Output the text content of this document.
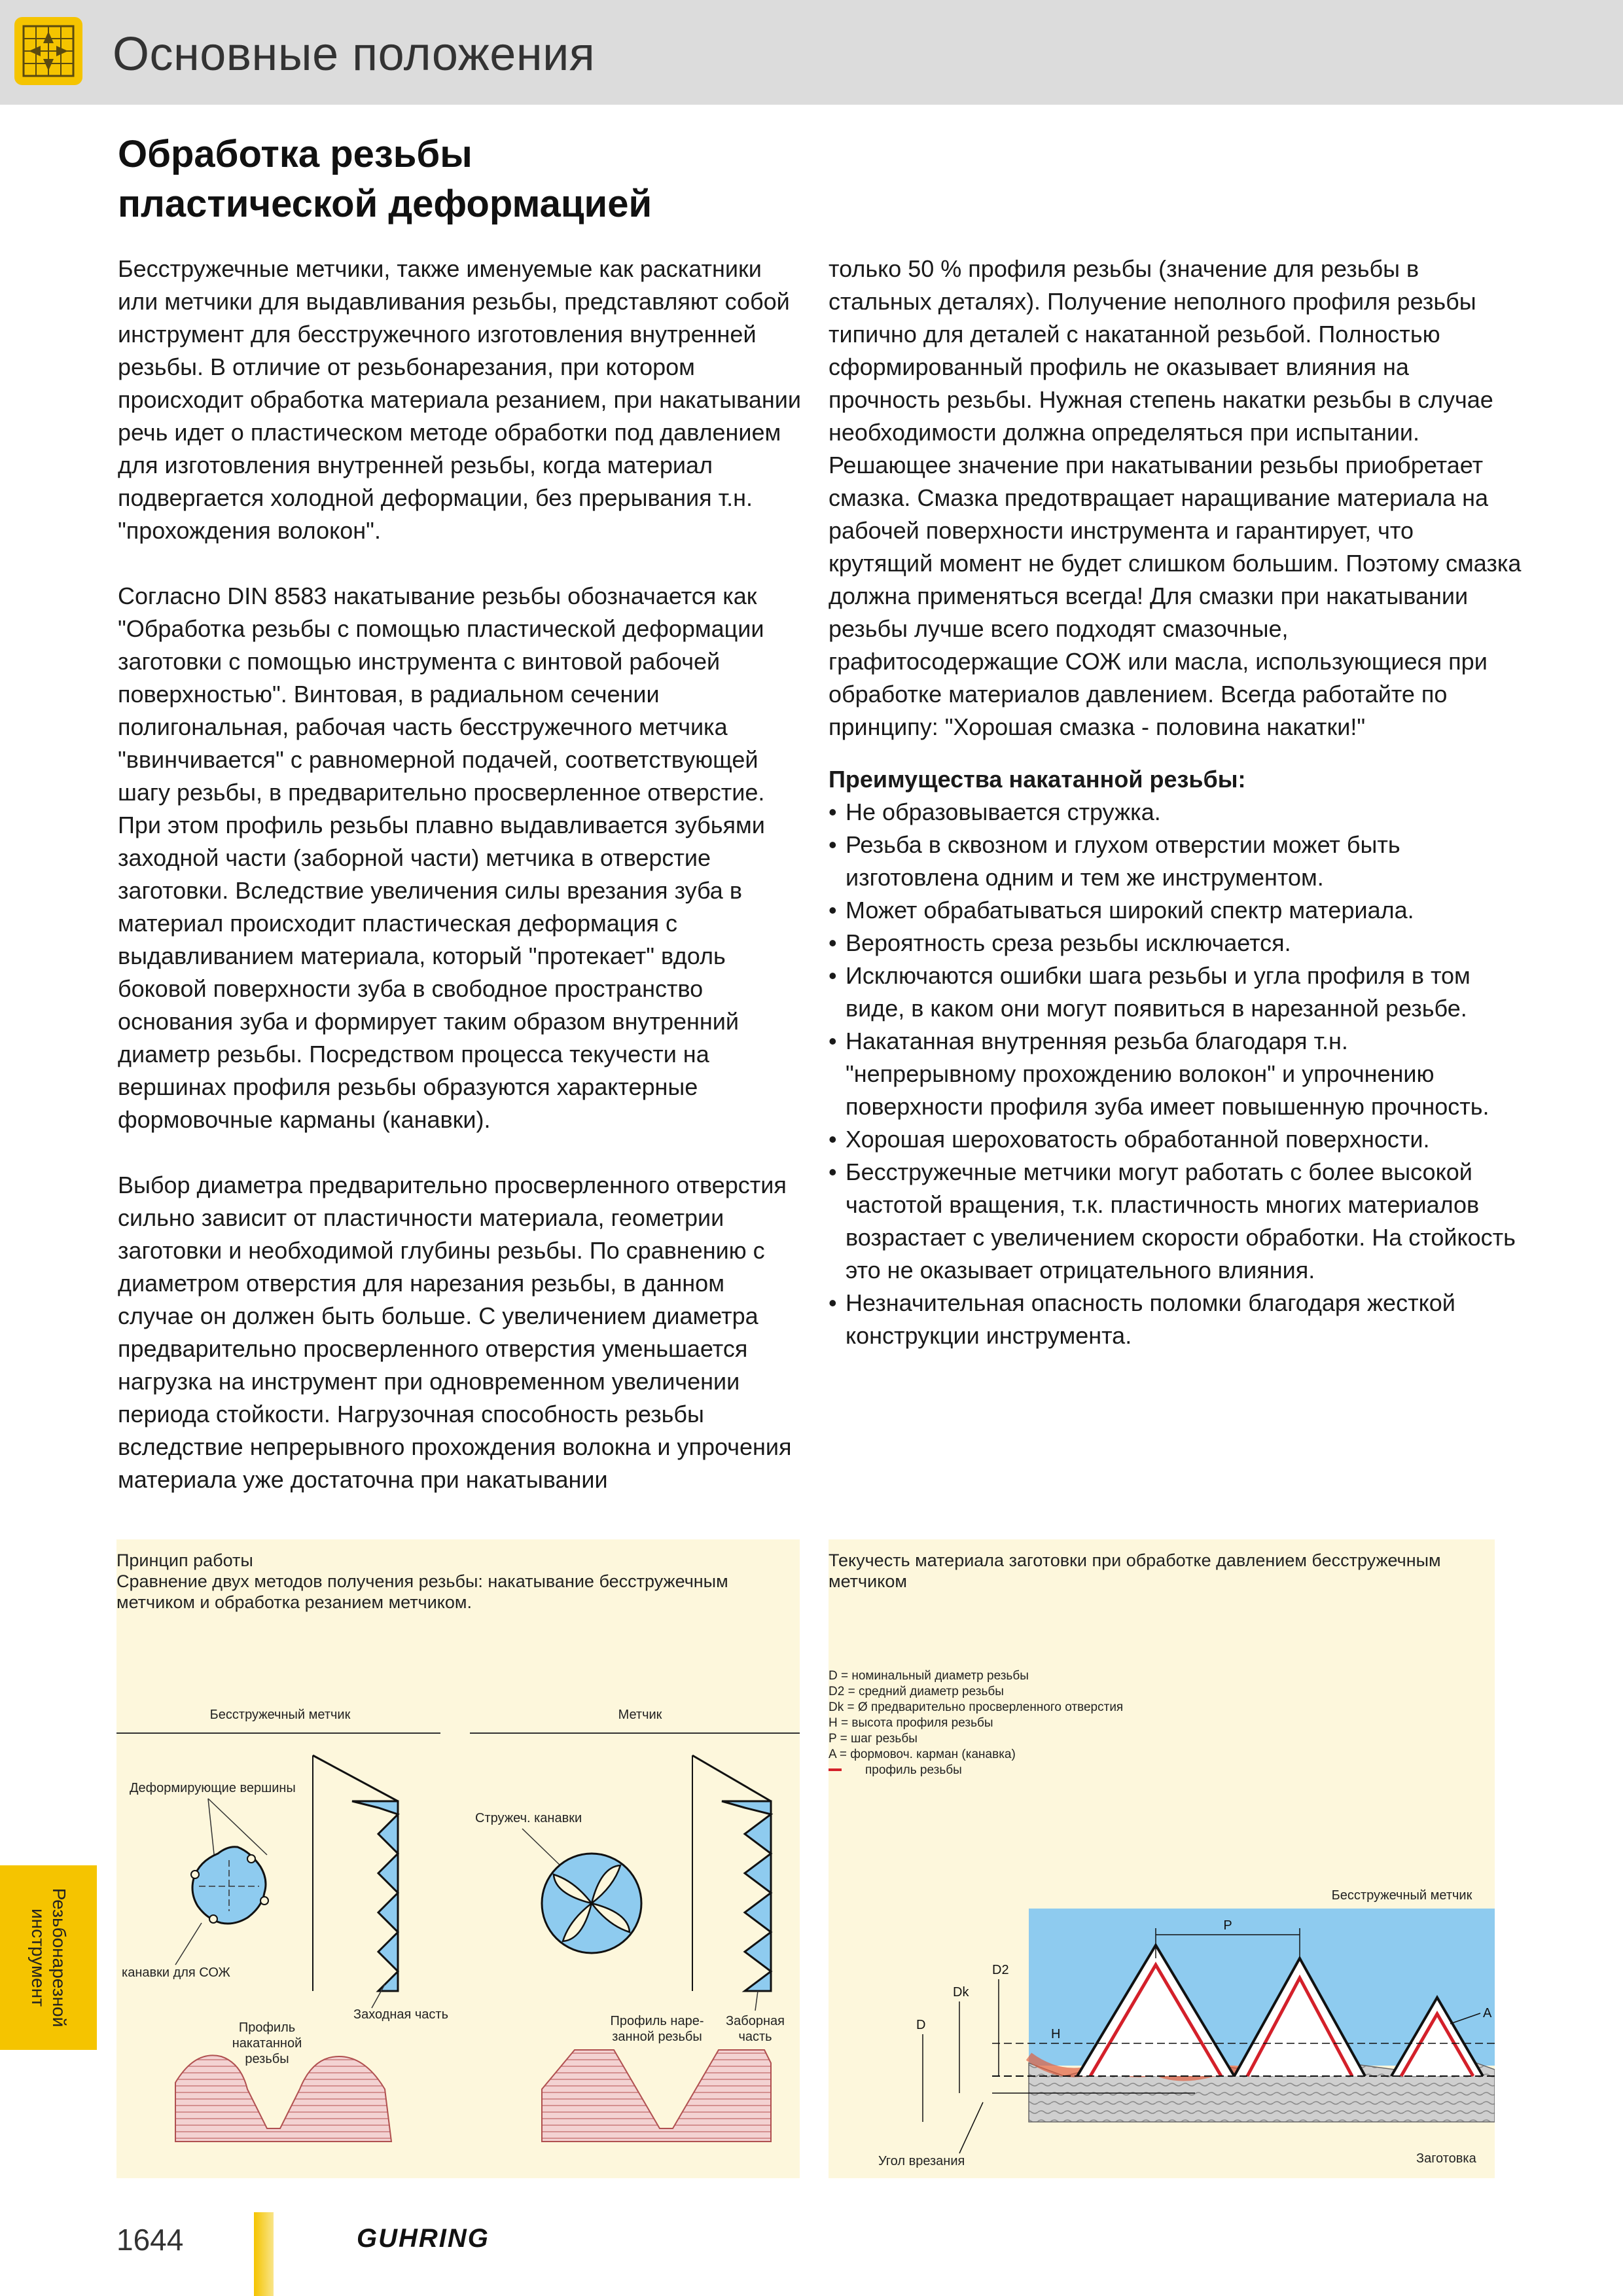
Основные положения
Обработка резьбы
пластической деформацией

Бесстружечные метчики, также именуемые как раскатники или метчики для выдавливания резьбы, представляют собой инструмент для бесстружечного изготовления внутренней резьбы. В отличие от резьбонарезания, при котором происходит обработка материала резанием, при накатывании речь идет о пластическом методе обработки под давлением для изготовления внутренней резьбы, когда материал подвергается холодной деформации, без прерывания т.н. "прохождения волокон".

Согласно DIN 8583 накатывание резьбы обозначается как "Обработка резьбы с помощью пластической деформации заготовки с помощью инструмента с винтовой рабочей поверхностью". Винтовая, в радиальном сечении полигональная, рабочая часть бесстружечного метчика "ввинчивается" с равномерной подачей, соответствующей шагу резьбы, в предварительно просверленное отверстие. При этом профиль резьбы плавно выдавливается зубьями заходной части (заборной части) метчика в отверстие заготовки. Вследствие увеличения силы врезания зуба в материал происходит пластическая деформация с выдавливанием материала, который "протекает" вдоль боковой поверхности зуба в свободное пространство основания зуба и формирует таким образом внутренний диаметр резьбы. Посредством процесса текучести на вершинах профиля резьбы образуются характерные формовочные карманы (канавки).

Выбор диаметра предварительно просверленного отверстия сильно зависит от пластичности материала, геометрии заготовки и необходимой глубины резьбы. По сравнению с диаметром отверстия для нарезания резьбы, в данном случае он должен быть больше. С увеличением диаметра предварительно просверленного отверстия уменьшается нагрузка на инструмент при одновременном увеличении периода стойкости. Нагрузочная способность резьбы вследствие непрерывного прохождения волокна и упрочения материала уже достаточна при накатывании

только 50 % профиля резьбы (значение для резьбы в стальных деталях). Получение неполного профиля резьбы типично для деталей с накатанной резьбой. Полностью сформированный профиль не оказывает влияния на прочность резьбы. Нужная степень накатки резьбы в случае необходимости должна определяться при испытании.

Решающее значение при накатывании резьбы приобретает смазка. Смазка предотвращает наращивание материала на рабочей поверхности инструмента и гарантирует, что крутящий момент не будет слишком большим. Поэтому смазка должна применяться всегда! Для смазки при накатывании резьбы лучше всего подходят смазочные, графитосодержащие СОЖ или масла, использующиеся при обработке материалов давлением. Всегда работайте по принципу: "Хорошая смазка - половина накатки!"

Преимущества накатанной резьбы:
• Не образовывается стружка.
• Резьба в сквозном и глухом отверстии может быть изготовлена одним и тем же инструментом.
• Может обрабатываться широкий спектр материала.
• Вероятность среза резьбы исключается.
• Исключаются ошибки шага резьбы и угла профиля в том виде, в каком они могут появиться в нарезанной резьбе.
• Накатанная внутренняя резьба благодаря т.н. "непрерывному прохождению волокон" и упрочнению поверхности профиля зуба имеет повышенную прочность.
• Хорошая шероховатость обработанной поверхности.
• Бесстружечные метчики могут работать с более высокой частотой вращения, т.к. пластичность многих материалов возрастает с увеличением скорости обработки. На стойкость это не оказывает отрицательного влияния.
• Незначительная опасность поломки благодаря жесткой конструкции инструмента.
Принцип работы
Сравнение двух методов получения резьбы: накатывание бесстружечным метчиком и обработка резанием метчиком.
Бесстружечный метчик	Метчик
Деформирующие вершины
канавки для СОЖ
Заходная часть
Профиль
накатанной
резьбы
Стружеч. канавки
Профиль наре-
занной резьбы
Заборная
часть
Текучесть материала заготовки при обработке давлением бесстружечным метчиком
D = номинальный диаметр резьбы
D2 = средний диаметр резьбы
Dk = Ø предварительно просверленного отверстия
H = высота профиля резьбы
P = шаг резьбы
A = формовоч. карман (канавка)
профиль резьбы
Бесстружечный метчик
P
D2
Dk
D
H
A
Угол врезания	Заготовка
Резьбонарезной
инструмент
1644	GUHRING
